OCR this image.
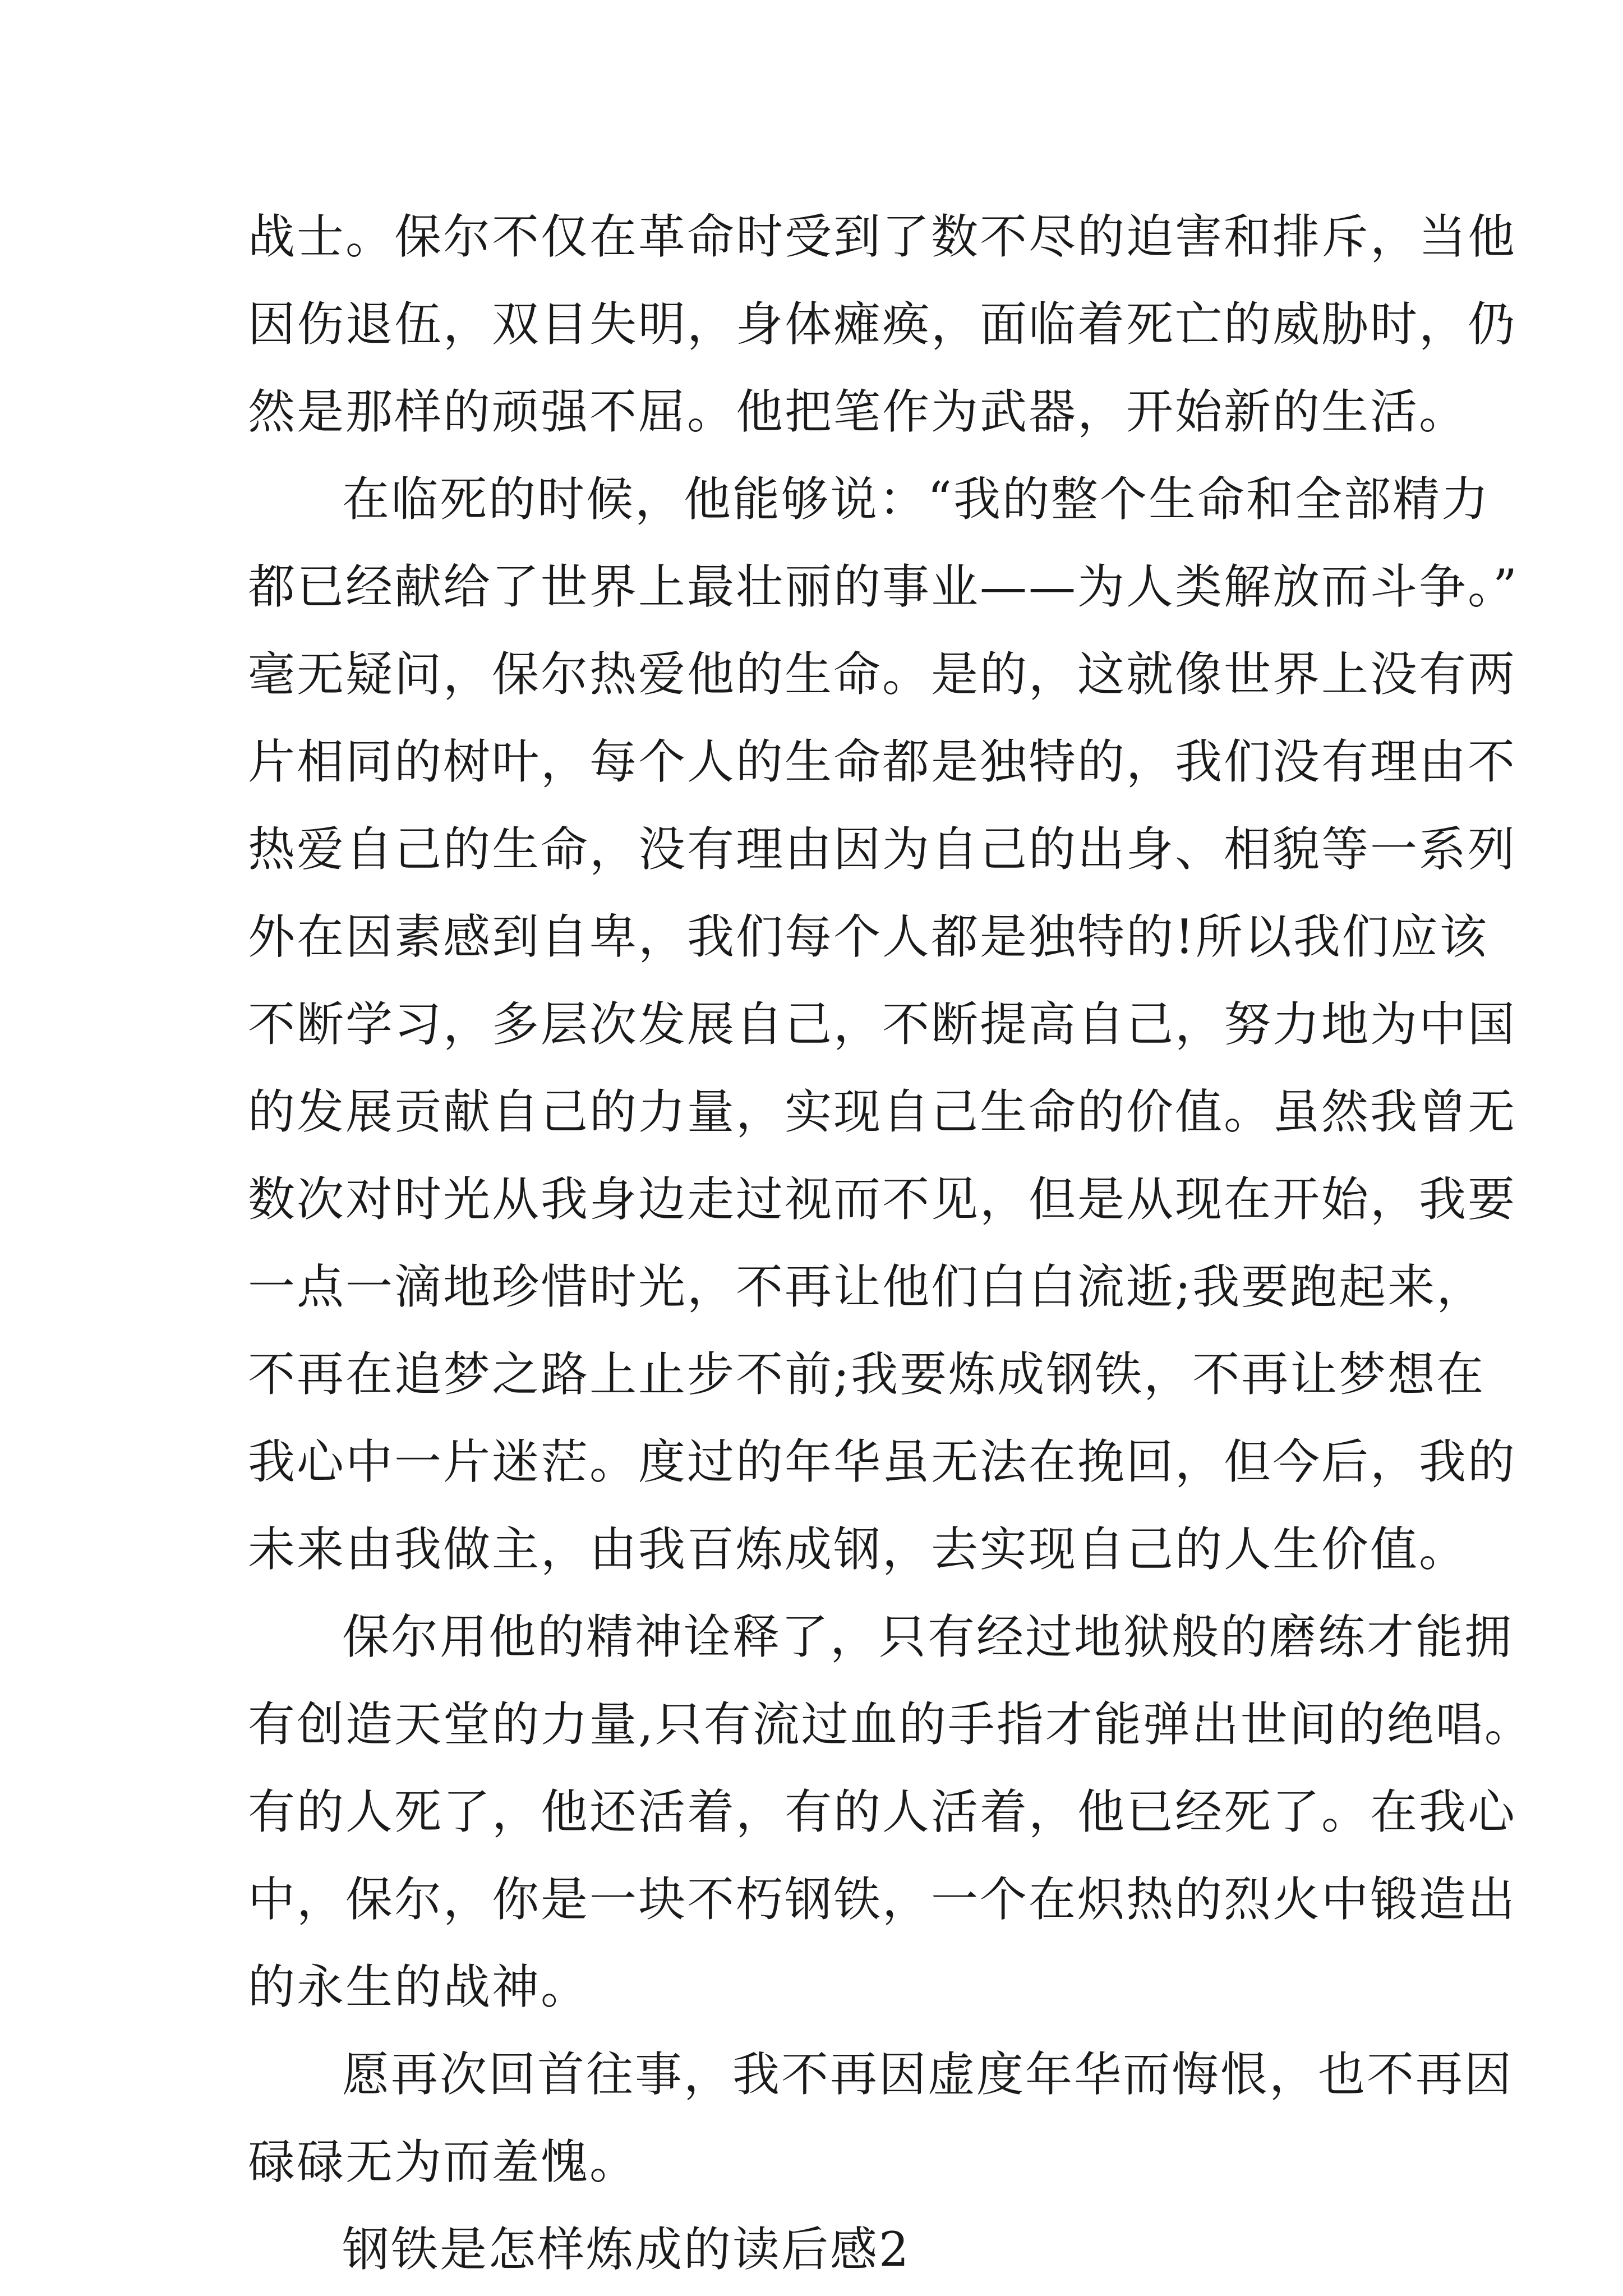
战士。保尔不仅在革命时受到了数不尽的迫害和排斥，当他
因伤退伍，双目失明，身体瘫痪，面临着死亡的威胁时，仍
然是那样的顽强不屈。他把笔作为武器，开始新的生活。
在临死的时候，他能够说：“我的整个生命和全部精力
都已经献给了世界上最壮丽的事业——为人类解放而斗争。”
毫无疑问，保尔热爱他的生命。是的，这就像世界上没有两
片相同的树叶，每个人的生命都是独特的，我们没有理由不
热爱自己的生命，没有理由因为自己的出身、相貌等一系列
外在因素感到自卑，我们每个人都是独特的!所以我们应该
不断学习，多层次发展自己，不断提高自己，努力地为中国
的发展贡献自己的力量，实现自己生命的价值。虽然我曾无
数次对时光从我身边走过视而不见，但是从现在开始，我要
一点一滴地珍惜时光，不再让他们白白流逝;我要跑起来，
不再在追梦之路上止步不前;我要炼成钢铁，不再让梦想在
我心中一片迷茫。度过的年华虽无法在挽回，但今后，我的
未来由我做主，由我百炼成钢，去实现自己的人生价值。
保尔用他的精神诠释了，只有经过地狱般的磨练才能拥
有创造天堂的力量,只有流过血的手指才能弹出世间的绝唱。
有的人死了，他还活着，有的人活着，他已经死了。在我心
中，保尔，你是一块不朽钢铁，一个在炽热的烈火中锻造出
的永生的战神。
愿再次回首往事，我不再因虚度年华而悔恨，也不再因
碌碌无为而羞愧。
钢铁是怎样炼成的读后感2
